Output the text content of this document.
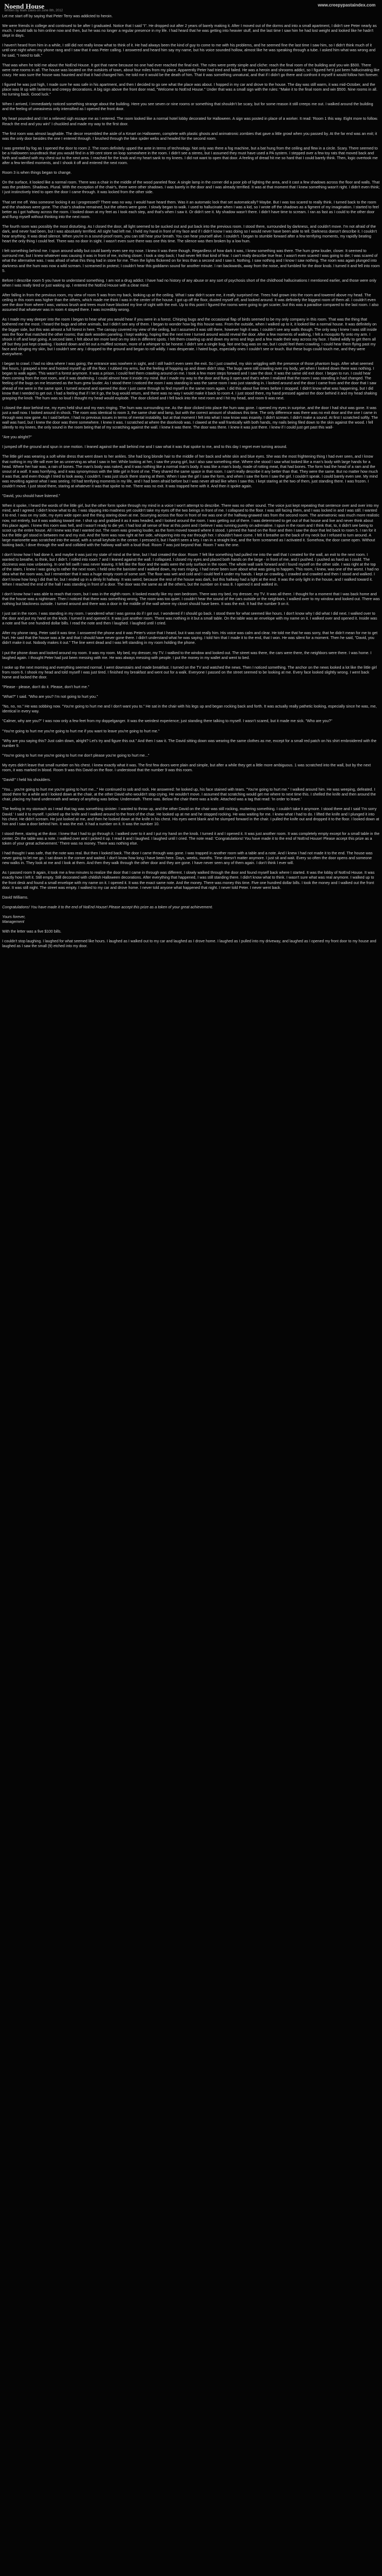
Noend House	www.creepypastaindex.com
Written by Mark Davis on June 8th, 2012

Let me start off by saying that Peter Terry was addicted to heroin.

We were friends in college and continued to be after I graduated. Notice that I said "I". He dropped out after 2 years of barely making it. After I moved out of the dorms and into a small apartment, I didn't see Peter nearly as much. I would talk to him online now and then, but he was no longer a regular presence in my life. I had heard that he was getting into heavier stuff, and the last time I saw him he had lost weight and looked like he hadn't slept in days.

I haven't heard from him in a while, I still did not really know what to think of it. He had always been the kind of guy to come to me with his problems, and he seemed fine the last time I saw him, so I didn't think much of it until one night when my phone rang and I saw that it was Peter calling. I answered and heard him say my name, but his voice sounded hollow, almost like he was speaking through a tube. I asked him what was wrong and he said, "I need to talk."

That was when he told me about the NoEnd House. It got that name because no one had ever reached the final exit. The rules were pretty simple and cliche: reach the final room of the building and you win $500. There were nine rooms in all. The house was located on the outskirts of town, about four miles from my place. Apparently Peter had tried and failed. He was a heroin and shrooms addict, so I figured he'd just been hallucinating like crazy. He was sure the house was haunted and that it had changed him. He told me it would be the death of him. That it was something unnatural, and that if I didn't go there and confront it myself it would follow him forever.

I figured he was just high, I made sure he was safe in his apartment, and then I decided to go see what the place was about. I hopped in my car and drove to the house. The day was still warm, it was mid-October, and the place was lit up with lanterns and creepy decorations. A big sign above the front door read, "Welcome to NoEnd House." Under that was a small sign with the rules: "Make it to the final room and win $500. Nine rooms in all. No turning back. Good luck."

When I arrived, I immediately noticed something strange about the building. Here you see seven or nine rooms or something that shouldn't be scary, but for some reason it still creeps me out. I walked around the building and the feeling of uneasiness only intensified as I opened the front door.

My heart pounded and I let a relieved sigh escape me as I entered. The room looked like a normal hotel lobby decorated for Halloween. A sign was posted in place of a worker. It read: 'Room 1 this way. Eight more to follow. Reach the end and you win!' I chuckled and made my way to the first door.

The first room was almost laughable. The decor resembled the aisle of a Kmart on Halloween, complete with plastic ghosts and animatronic zombies that gave a little growl when you passed by. At the far end was an exit; it was the only door besides the one I entered through. I brushed through the fake spider webs and headed for the second room.

I was greeted by fog as I opened the door to room 2. The room definitely upped the ante in terms of technology. Not only was there a fog machine, but a bat hung from the ceiling and flew in a circle. Scary. There seemed to be a Halloween soundtrack that you would find in a 99-cent store on loop somewhere in the room. I didn't see a stereo, but I assumed they must have used a PA system. I stepped over a few toy rats that moved back and forth and walked with my chest out to the next area. I reached for the knob and my heart sank to my knees. I did not want to open that door. A feeling of dread hit me so hard that I could barely think. Then, logic overtook me after a few terrified moments, and I shook it off and entered the next room.

Room 3 is when things began to change.

On the surface, it looked like a normal room. There was a chair in the middle of the wood paneled floor. A single lamp in the corner did a poor job of lighting the area, and it cast a few shadows across the floor and walls. That was the problem. Shadows. Plural. With the exception of the chair's, there were other shadows. I was barely in the door and I was already terrified. It was at that moment that I knew something wasn't right. I didn't even think; I just instinctively tried to open the door I came through. It was locked from the other side.

That set me off. Was someone locking it as I progressed? There was no way. I would have heard them. Was it an automatic lock that set automatically? Maybe. But I was too scared to really think. I turned back to the room and the shadows were gone. The chair's shadow remained, but the others were gone. I slowly began to walk. I used to hallucinate when I was a kid, so I wrote off the shadows as a figment of my imagination. I started to feel better as I got halfway across the room. I looked down at my feet as I took each step, and that's when I saw it. Or didn't see it. My shadow wasn't there. I didn't have time to scream. I ran as fast as I could to the other door and flung myself without thinking into the next room.

The fourth room was possibly the most disturbing. As I closed the door, all light seemed to be sucked out and put back into the previous room. I stood there, surrounded by darkness, and couldn't move. I'm not afraid of the dark, and never had been, but I was absolutely terrified. All sight had left me. I held my hand in front of my face and if I didn't know I was doing so I would never have been able to tell. Darkness doesn't describe it. I couldn't hear anything. It was dead silence. When you're in a sound-proof room, you can still hear your breath. You can hear yourself alive. I couldn't. I began to stumble forward after a few terrifying moments, my rapidly beating heart the only thing I could feel. There was no door in sight. I wasn't even sure there was one this time. The silence was then broken by a low hum.

I felt something behind me. I spun around wildly but could barely even see my nose. I knew it was there though. Regardless of how dark it was, I knew something was there. The hum grew louder, closer. It seemed to surround me, but I knew whatever was causing it was in front of me, inching closer. I took a step back; I had never felt that kind of fear. I can't really describe true fear. I wasn't even scared I was going to die; I was scared of what the alternative was. I was afraid of what this thing had in store for me. Then the lights flickered on for less than a second and I saw it. Nothing. I saw nothing and I know I saw nothing. The room was again plunged into darkness and the hum was now a wild scream. I screamed in protest; I couldn't hear this goddamn sound for another minute. I ran backwards, away from the noise, and fumbled for the door knob. I turned it and fell into room 5.

Before I describe room 5 you have to understand something. I am not a drug addict. I have had no history of any abuse or any sort of psychosis short of the childhood hallucinations I mentioned earlier, and those were only when I was really tired or just waking up. I entered the NoEnd House with a clear mind.

After falling in from the previous room, my view of room 5 was from my back, looking up at the ceiling. What I saw didn't scare me, it really surprised me. Trees had grown into the room and towered above my head. The ceiling in this room was higher than the others, which made me think I was in the center of the house. I got up off the floor, dusted myself off, and looked around. It was definitely the biggest room of them all. I couldn't even see the door from where I was; various brush and trees must have blocked my line of sight with the exit. Up to this point I figured the rooms were going to get scarier, but this was a paradise compared to the last room. I also assumed that whatever was in room 4 stayed there. I was incredibly wrong.

As I made my way deeper into the room I began to hear what you would hear if you were in a forest. Chirping bugs and the occasional flap of birds seemed to be my only company in this room. That was the thing that bothered me the most. I heard the bugs and other animals, but I didn't see any of them. I began to wonder how big this house was. From the outside, when I walked up to it, it looked like a normal house. It was definitely on the bigger side, but this was almost a full forest in here. The canopy covered my view of the ceiling, but I assumed it was still there, however high it was. I couldn't see any walls though. The only way I knew I was still inside was the floor that matched the other rooms; that dark wooden paneling. I kept walking, hoping that the next tree I turned around would reveal the door. After a few moments of walking, I felt a mosquito fly onto my arm. I shook it off and kept going. A second later, I felt about ten more land on my skin in different spots. I felt them crawling up and down my arms and legs and a few made their way across my face. I flailed wildly to get them all off but they just kept crawling. I looked down and let out a muffled scream, more of a whimper to be honest. I didn't see a single bug. Not one bug was on me, but I could feel them crawling. I could hear them flying past my face and stinging my skin, but I couldn't see any. I dropped to the ground and began to roll wildly. I was desperate. I hated bugs, especially ones I couldn't see or touch. But these bugs could touch me, and they were everywhere.

I began to crawl. I had no idea where I was going; the entrance was nowhere in sight, and I still hadn't even seen the exit. So I just crawled, my skin wriggling with the presence of those phantom bugs. After what seemed like hours, I grasped a tree and hoisted myself up off the floor. I rubbed my arms, but the feeling of hopping up and down didn't stop. The bugs were still crawling over my body, yet when I looked down there was nothing. I began to walk again. This wasn't a forest anymore. It was a prison. I could feel them crawling around on me. I took a few more steps forward and I saw the door. It was the same old exit door. I began to run. I could hear them coming from the root room, and it was deafening. I could almost hear it inside my mind. But I made my way to the door and flung it open and that's when I realized that the room I was standing in had changed. The feeling of the bugs on me lessened as the hum grew louder. As I stood there I noticed the room I was standing in was the same room I was just standing in. I looked around and the door I came from and the door that I saw ahead of me were in the same spot. I turned around and opened the door I just came through to find myself in the same room again. I did this about five times before I stopped. I didn't know what was happening, but I did know that I needed to get out. I had a feeling that if I let it go, the bug would return, and there was no way I would make it back to room 4. I just stood there, my hand pressed against the door behind it and my head shaking grasping the knob. The hum was so loud I thought my head would explode. The door clicked and I fell back into the next room and I hit my head, and room 6 was next.

I closed the door behind me, my eyes held shut and my ears ringing. The hum was surrounding me. As the door clicked into place the hum was gone. I opened my eyes in surprise, and the door I had shut was gone. It was just a wall now. I looked around in shock. The room was identical to room 3, the same chair and lamp, but with the correct amount of shadows this time. The only difference was there was no exit door and the one I came in through was now gone. As I said before, I had no previous issues in terms of mental instability, but at that moment I felt into what I now know was insanity. I didn't scream. I didn't make a sound. At first I scratched softly. The wall was hard, but I knew the door was there somewhere. I knew it was. I scratched at where the doorknob was. I clawed at the wall frantically with both hands, my nails being filed down to the skin against the wood. I fell silently to my knees, the only sound in the room being that of my scratching against the wall. I knew it was there. The door was there. I knew it was just there. I knew if I could just get past this wall-

"Are you alright?"

I jumped off the ground and spun in one motion. I leaned against the wall behind me and I saw what it was that spoke to me, and to this day I regret ever turning around.

The little girl was wearing a soft white dress that went down to her ankles. She had long blonde hair to the middle of her back and white skin and blue eyes. She was the most frightening thing I had ever seen, and I know that nothing in my life will ever be as unnerving as what I saw in her. While looking at her, I saw the young girl, but I also saw something else. Where she stood I saw what looked like a man's body with large hands for a head. Where her hair was, a rain of bones. The man's body was naked, and it was nothing like a normal man's body. It was like a man's body, made of rotting meat, that had bones. The form had the head of a ram and the snout of a wolf. It was horrifying, and it was synonymous with the little girl in front of me. They shared the same space in that room. I can't really describe it any better than that. They were the same. But no matter how much it was that, and even though I tried to look away, I couldn't. I was just stuck there staring at them. When I saw the girl I saw the form, and when I saw the form I saw the girl. I couldn't speak. I could barely even see. My mind was revolting against what I was seeing. I'd had terrifying moments in my life, and I had been afraid before but I was never afraid like when I saw this. I kept staring at the two of them, just standing there. I was frozen. I couldn't move. I just stood there, staring at whatever it was that spoke to me. There was no exit. It was trapped here with it. And then it spoke again.

"David, you should have listened."

When it spoke, I heard the words of the little girl, but the other form spoke through my mind in a voice I won't attempt to describe. There was no other sound. The voice just kept repeating that sentence over and over into my mind, and I agreed. I didn't know what to do. I was slipping into madness yet couldn't take my eyes off the two beings in front of me. I collapsed to the floor. I was still facing them, and I was locked in and I was still. I wanted it to end. I was on my side, my eyes wide open and the thing staring down at me. Scurrying across the floor in front of me was one of the halfway-gnawed rats from the second room. The animatronic was much more realistic now, not entirely, but it was walking toward me. I shot up and grabbed it as it was headed, and I looked around the room. I was getting out of there. I was determined to get out of that house and live and never think about this place again. I knew this room was hell, and I wasn't ready to die yet. I had lost all sense of fear at this point and I believe I was running purely on adrenaline. I spun in the room and I think that, to, it didn't see being to scoot up the entire house. All I knew was that I wanted out. The room was growing louder, as the form moved toward where it stood. I pinned the hand on the floor and then I saw the door that led back to room 5. I ran for it but the little girl stood in between me and my exit. And the form was now right at her side, whispering into my ear through her. I shouldn't have come. I felt it breathe on the back of my neck but I refused to turn around. A large marionette was scratched into the wood, with a small keyhole in the center. I pressed it, but I hadn't seen a key. I ran in a straight line, and the form screamed as I activated it. Somehow, the door came open. Without looking back, I dove through the wall and collided with the hallway wall with a loud thud. Room 7 was just beyond that. Room 7 was the one.

I don't know how I had done it, and maybe it was just my state of mind at the time, but I had created the door. Room 7 felt like something had pulled me into the wall that I created for the wall, an exit to the next room. I wanted to breathe, to think, but I didn't. I rolled into room 7 and I leaned against the wall. I collapsed. I closed my eyes and placed both hands on the large - in front of me, and I pushed. I pushed as hard as I could. The dizziness was now unbearing. In one fell swift I was never leaving. It felt like the floor and the walls were the only surface in the room. The whole wall sank forward and I found myself on the other side. I was right at the top of the stairs. I knew I was going to rather the next room. I held onto the banister and I walked down, my ears ringing. I had never been sure about what was going to happen. This room, I knew, was one of the worst. I had no idea what the room was, but I remember that it was a huge empty room of some sort. The floor was wet and cold and I could feel it under my hands. I kept on crawling. I crawled and crawled and then I stood and walked. I don't know how long I did that for, but I ended up in a dimly lit hallway. It was weird, because the rest of the house was dark, but this hallway had a light at the end. It was the only light in the house, and I walked toward it. When I reached the end of the hall I was standing in front of a door. The door was the same as all the others, but the number on it was 8. I opened it and walked in.

I don't know how I was able to reach that room, but I was in the eighth room. It looked exactly like my own bedroom. There was my bed, my dresser, my TV. It was all there. I thought for a moment that I was back home and that the house was a nightmare. Then I noticed that there was something wrong. The room was too quiet. I couldn't hear the sound of the cars outside or the neighbors. I walked over to my window and looked out. There was nothing but blackness outside. I turned around and there was a door in the middle of the wall where my closet should have been. It was the exit. It had the number 9 on it.

I just sat in the room. I was standing in my room. I wondered what I was gonna do if I got out. I wondered if I should go back. I stood there for what seemed like hours. I don't know why I did what I did next. I walked over to the door and put my hand on the knob. I turned it and opened it. It was just another room. There was nothing in it but a small table. On the table was an envelope with my name on it. I walked over and opened it. Inside was a note and five one hundred dollar bills. I read the note and then I laughed. I laughed until I cried.

After my phone rang, Peter said it was time. I answered the phone and it was Peter's voice that I heard, but it was not really him. His voice was calm and clear. He told me that he was sorry, that he didn't mean for me to get hurt. He said that the house was a lie and that I should have never gone there. I didn't understand what he was saying. I told him that I made it to the end, that I won. He was silent for a moment. Then he said, "David, you didn't make it out. Nobody makes it out." The line went dead and I was left standing in my room holding the phone.

I put the phone down and looked around my room. It was my room. My bed, my dresser, my TV. I walked to the window and looked out. The street was there, the cars were there, the neighbors were there. I was home. I laughed again. I thought Peter had just been messing with me. He was always messing with people. I put the money in my wallet and went to bed.

I woke up the next morning and everything seemed normal. I went downstairs and made breakfast. I turned on the TV and watched the news. Then I noticed something. The anchor on the news looked a lot like the little girl from room 6. I shook my head and told myself I was just tired. I finished my breakfast and went out for a walk. Everyone I passed on the street seemed to be looking at me. Every face looked slightly wrong. I went back home and locked the door.

"Please - please, don't do it. Please, don't hurt me."

"What?" I said. "Who are you? I'm not going to hurt you."

"No, no, no." He was sobbing now. "You're going to hurt me and I don't want you to." He sat in the chair with his legs up and began rocking back and forth. It was actually really pathetic looking, especially since he was, me, identical in every way.

"Calmer, why are you?" I was now only a few feet from my doppelganger. It was the weirdest experience; just standing there talking to myself. I wasn't scared, but it made me sick. "Who are you?"

"You're going to hurt me you're going to hurt me if you want to leave you're going to hurt me."

"Why are you saying this? Just calm down, alright? Let's try and figure this out." And then I saw it. The David sitting down was wearing the same clothes as me, except for a small red patch on his shirt embroidered with the number 9.

"You're going to hurt me you're going to hurt me don't please you're going to hurt me..."

My eyes didn't leave that small number on his chest. I knew exactly what it was. The first few doors were plain and simple, but after a while they get a little more ambiguous. 1 was scratched into the wall, but by the next room, it was marked in blood. Room 9 was this David on the floor. I understood that the number 9 was this room.

"David!" I held his shoulders.

"You... you're going to hurt me you're going to hurt me..." He continued to sob and rock. He answered: he looked up, his face stained with tears. "You're going to hurt me." I walked around him. He was weeping, defeated. I stood there for a while and I looked down at the chair, at the other David who wouldn't stop crying. He wouldn't move. I assumed that scratching would get me where to next time this. I shelled the knife and then around the chair, placing my hand underneath and weary of anything was below. Underneath. There was. Below the chair there was a knife. Attached was a tag that read: 'In order to leave.'

The feeling in my stomach as I read that tag was something sinister. I wanted to throw up, and the other David on the chair was still rocking, muttering something. I couldn't take it anymore. I stood there and I said 'I'm sorry David.' I said it to myself. I picked up the knife and I walked around to the front of the chair. He looked up at me and he stopped rocking. He was waiting for me. I knew what I had to do. I lifted the knife and I plunged it into his chest. He didn't scream. He just looked at me, and then he looked down at the knife in his chest. His eyes went blank and he slumped forward in the chair. I pulled the knife out and dropped it to the floor. I looked down at him and I saw a door behind him. It was the exit. It had a number on it. It was the number 10.

I stood there, staring at the door. I knew that I had to go through it. I walked over to it and I put my hand on the knob. I turned it and I opened it. It was just another room. It was completely empty except for a small table in the center. On the table was a note. I walked over and I picked it up. I read it and I laughed. I laughed until I cried. The note read: 'Congratulations! You have made it to the end of NoEnd House! Please accept this prize as a token of your great achievement.' There was no money. There was nothing else.

I had thought I was safe, that the note was real. But then I looked back. The door I came through was gone. I was trapped in another room with a table and a note. And I knew I had not made it to the end. The house was never going to let me go. I sat down in the corner and waited. I don't know how long I have been here. Days, weeks, months. Time doesn't matter anymore. I just sit and wait. Every so often the door opens and someone new walks in. They look at me and I look at them. And then they walk through the other door and they are gone. I have never seen any of them again. I don't think I ever will.

As I passed room 9 again, it took me a few minutes to realize the door that I came in through was different. I slowly walked through the door and found myself back where I started. It was the lobby of NoEnd House. It was exactly how I left it. Still empty. Still decorated with childish Halloween decorations. After everything that happened, I was still standing there. I didn't know what to think. I wasn't sure what was real anymore. I walked up to the front desk and found a small envelope with my name on it. I opened it. It was the exact same note. And the money. There was money this time. Five one hundred dollar bills. I took the money and I walked out the front door. It was still night. The street was empty. I walked to my car and drove home. I never told anyone what happened that night. I never told Peter. I never went back.

David Williams.

Congratulations! You have made it to the end of NoEnd House! Please accept this prize as a token of your great achievement.

Yours forever,
Management

With the letter was a five $100 bills.

I couldn't stop laughing. I laughed for what seemed like hours. I laughed as I walked out to my car and laughed as I drove home. I laughed as I pulled into my driveway, and laughed as I opened my front door to my house and laughed as I saw the small (9) etched into my door.
